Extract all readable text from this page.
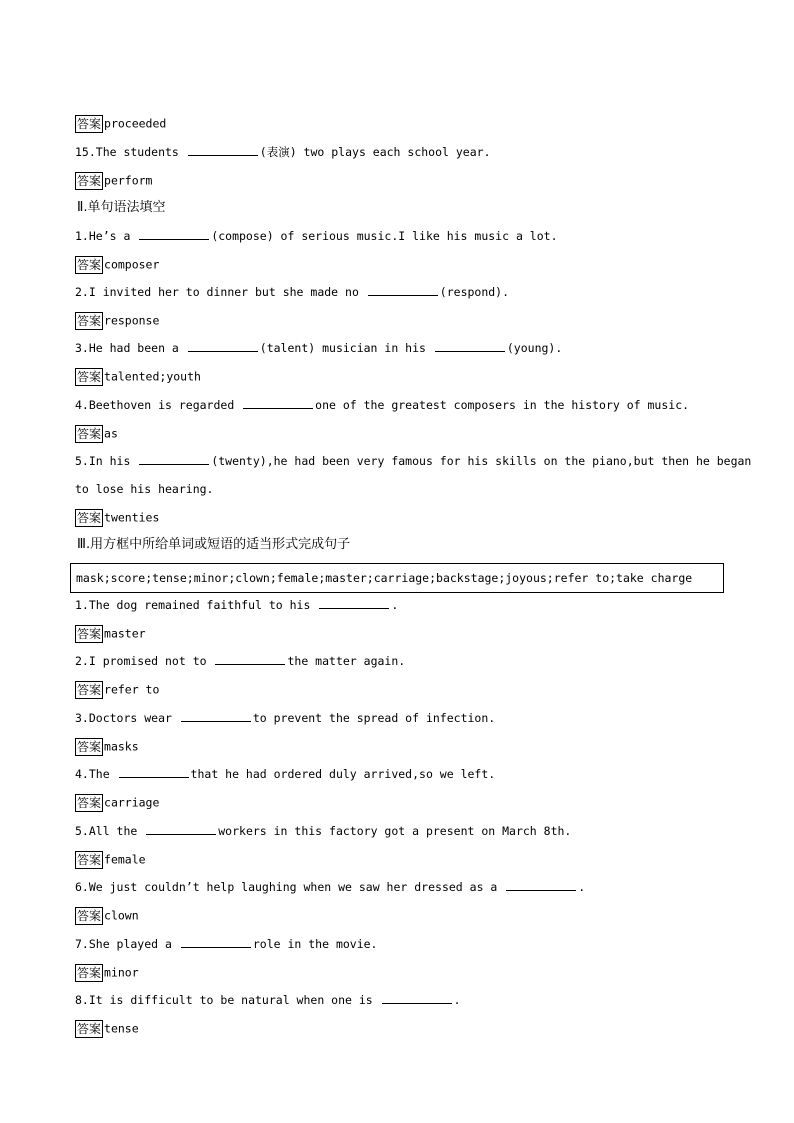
答案 proceeded
15.The students	(表演) two plays each school year.
答案 perform
Ⅱ.单句语法填空
1.He’s a	(compose) of serious music.I like his music a lot.
答案 composer
2.I invited her to dinner but she made no	(respond).
答案 response
3.He had been a	(talent) musician in his	(young).
答案 talented;youth
4.Beethoven is regarded	one of the greatest composers in the history of music.
答案 as
5.In his	(twenty),he had been very famous for his skills on the piano,but then he began
to lose his hearing.
答案 twenties
Ⅲ.用方框中所给单词或短语的适当形式完成句子
mask;score;tense;minor;clown;female;master;carriage;backstage;joyous;refer to;take charge
1.The dog remained faithful to his	.
答案 master
2.I promised not to	the matter again.
答案 refer to
3.Doctors wear	to prevent the spread of infection.
答案 masks
4.The	that he had ordered duly arrived,so we left.
答案 carriage
5.All the	workers in this factory got a present on March 8th.
答案 female
6.We just couldn’t help laughing when we saw her dressed as a	.
答案 clown
7.She played a	role in the movie.
答案 minor
8.It is difficult to be natural when one is	.
答案 tense
